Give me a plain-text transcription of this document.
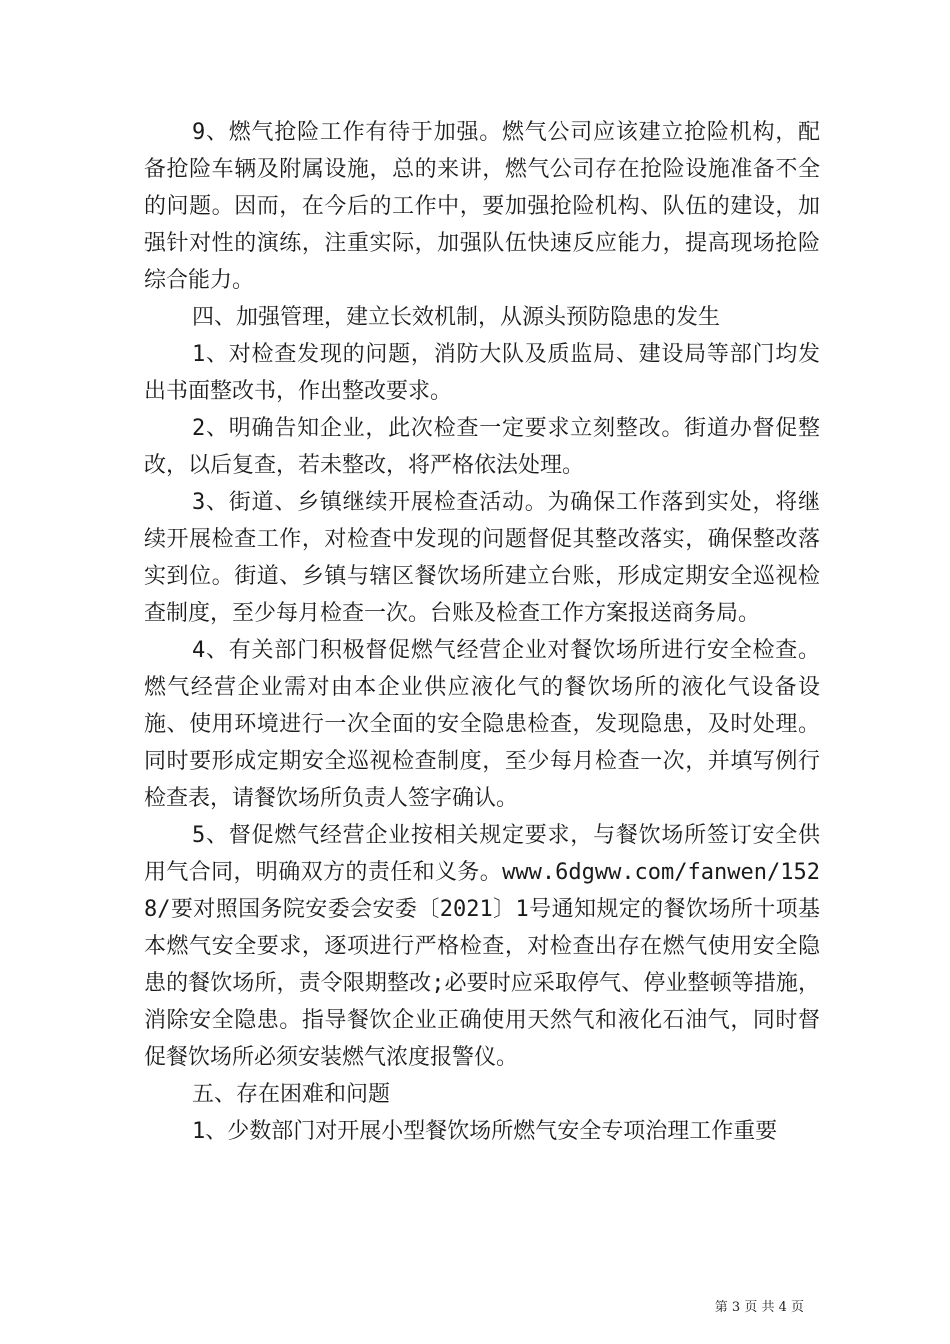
9、燃气抢险工作有待于加强。燃气公司应该建立抢险机构，配备抢险车辆及附属设施，总的来讲，燃气公司存在抢险设施准备不全的问题。因而，在今后的工作中，要加强抢险机构、队伍的建设，加强针对性的演练，注重实际，加强队伍快速反应能力，提高现场抢险综合能力。

四、加强管理，建立长效机制，从源头预防隐患的发生

1、对检查发现的问题，消防大队及质监局、建设局等部门均发出书面整改书，作出整改要求。

2、明确告知企业，此次检查一定要求立刻整改。街道办督促整改，以后复查，若未整改，将严格依法处理。

3、街道、乡镇继续开展检查活动。为确保工作落到实处，将继续开展检查工作，对检查中发现的问题督促其整改落实，确保整改落实到位。街道、乡镇与辖区餐饮场所建立台账，形成定期安全巡视检查制度，至少每月检查一次。台账及检查工作方案报送商务局。

4、有关部门积极督促燃气经营企业对餐饮场所进行安全检查。燃气经营企业需对由本企业供应液化气的餐饮场所的液化气设备设施、使用环境进行一次全面的安全隐患检查，发现隐患，及时处理。同时要形成定期安全巡视检查制度，至少每月检查一次，并填写例行检查表，请餐饮场所负责人签字确认。

5、督促燃气经营企业按相关规定要求，与餐饮场所签订安全供用气合同，明确双方的责任和义务。www.6dgww.com/fanwen/1528/要对照国务院安委会安委〔2021〕1号通知规定的餐饮场所十项基本燃气安全要求，逐项进行严格检查，对检查出存在燃气使用安全隐患的餐饮场所，责令限期整改;必要时应采取停气、停业整顿等措施，消除安全隐患。指导餐饮企业正确使用天然气和液化石油气，同时督促餐饮场所必须安装燃气浓度报警仪。

五、存在困难和问题

1、少数部门对开展小型餐饮场所燃气安全专项治理工作重要

第 3 页 共 4 页
